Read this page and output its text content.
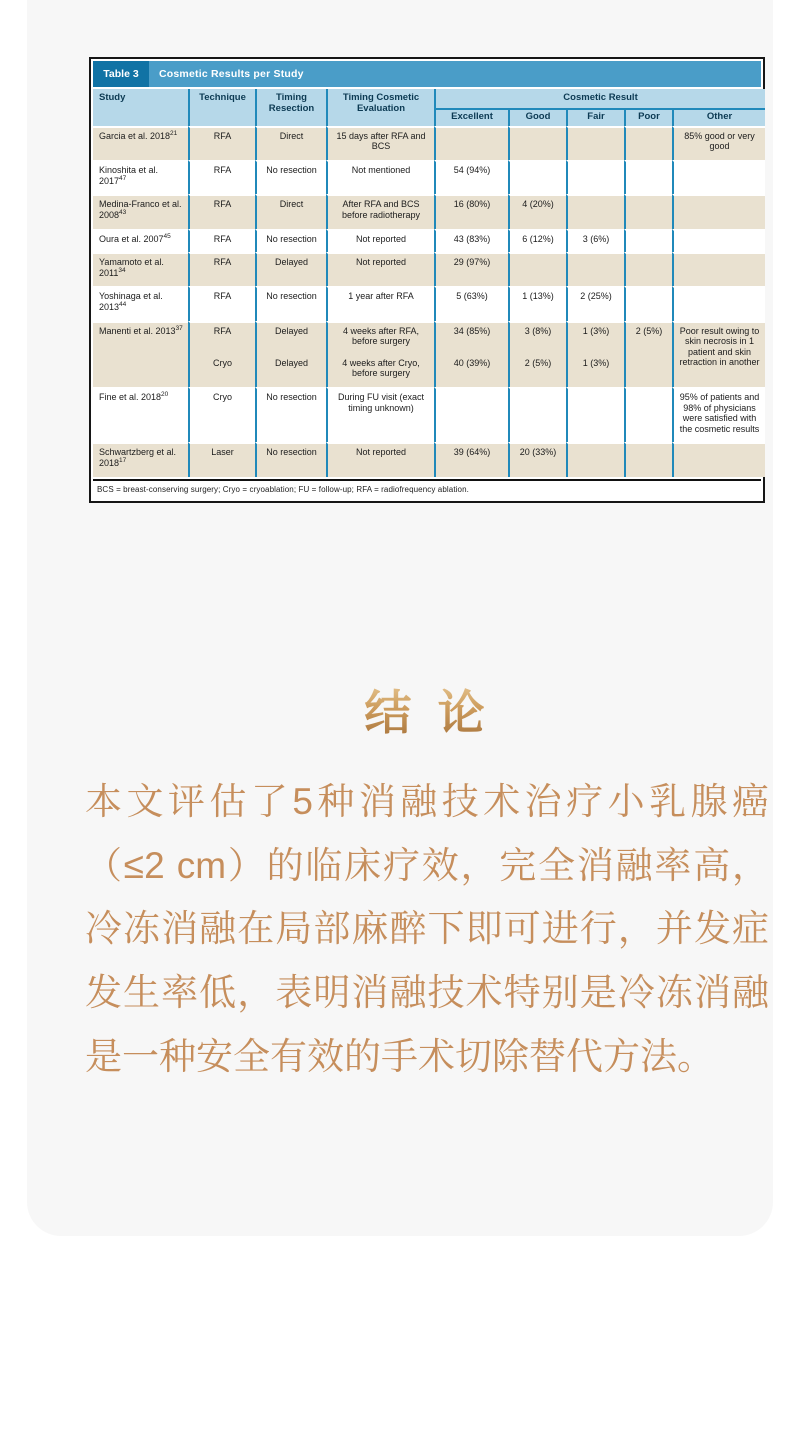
Table 3	Cosmetic Results per Study
Study	Technique	Timing Resection	Timing Cosmetic Evaluation	Cosmetic Result				
				Excellent	Good	Fair	Poor	Other
Garcia et al. 2018$^{21}$	RFA	Direct	15 days after RFA and BCS					85% good or very good
Kinoshita et al. 2017$^{47}$	RFA	No resection	Not mentioned	54 (94%)				
Medina-Franco et al. 2008$^{43}$	RFA	Direct	After RFA and BCS before radiotherapy	16 (80%)	4 (20%)			
Oura et al. 2007$^{45}$	RFA	No resection	Not reported	43 (83%)	6 (12%)	3 (6%)		
Yamamoto et al. 2011$^{34}$	RFA	Delayed	Not reported	29 (97%)				
Yoshinaga et al. 2013$^{44}$	RFA	No resection	1 year after RFA	5 (63%)	1 (13%)	2 (25%)		
Manenti et al. 2013$^{37}$	RFA	Delayed	4 weeks after RFA, before surgery	34 (85%)	3 (8%)	1 (3%)	2 (5%)	Poor result owing to skin necrosis in 1 patient and skin retraction in another
	Cryo	Delayed	4 weeks after Cryo, before surgery	40 (39%)	2 (5%)	1 (3%)		
Fine et al. 2018$^{20}$	Cryo	No resection	During FU visit (exact timing unknown)					95% of patients and 98% of physicians were satisfied with the cosmetic results
Schwartzberg et al. 2018$^{17}$	Laser	No resection	Not reported	39 (64%)	20 (33%)			
BCS = breast-conserving surgery; Cryo = cryoablation; FU = follow-up; RFA = radiofrequency ablation.
结 论

本文评估了5种消融技术治疗小乳腺癌（≤2 cm）的临床疗效，完全消融率高，冷冻消融在局部麻醉下即可进行，并发症发生率低，表明消融技术特别是冷冻消融是一种安全有效的手术切除替代方法。
